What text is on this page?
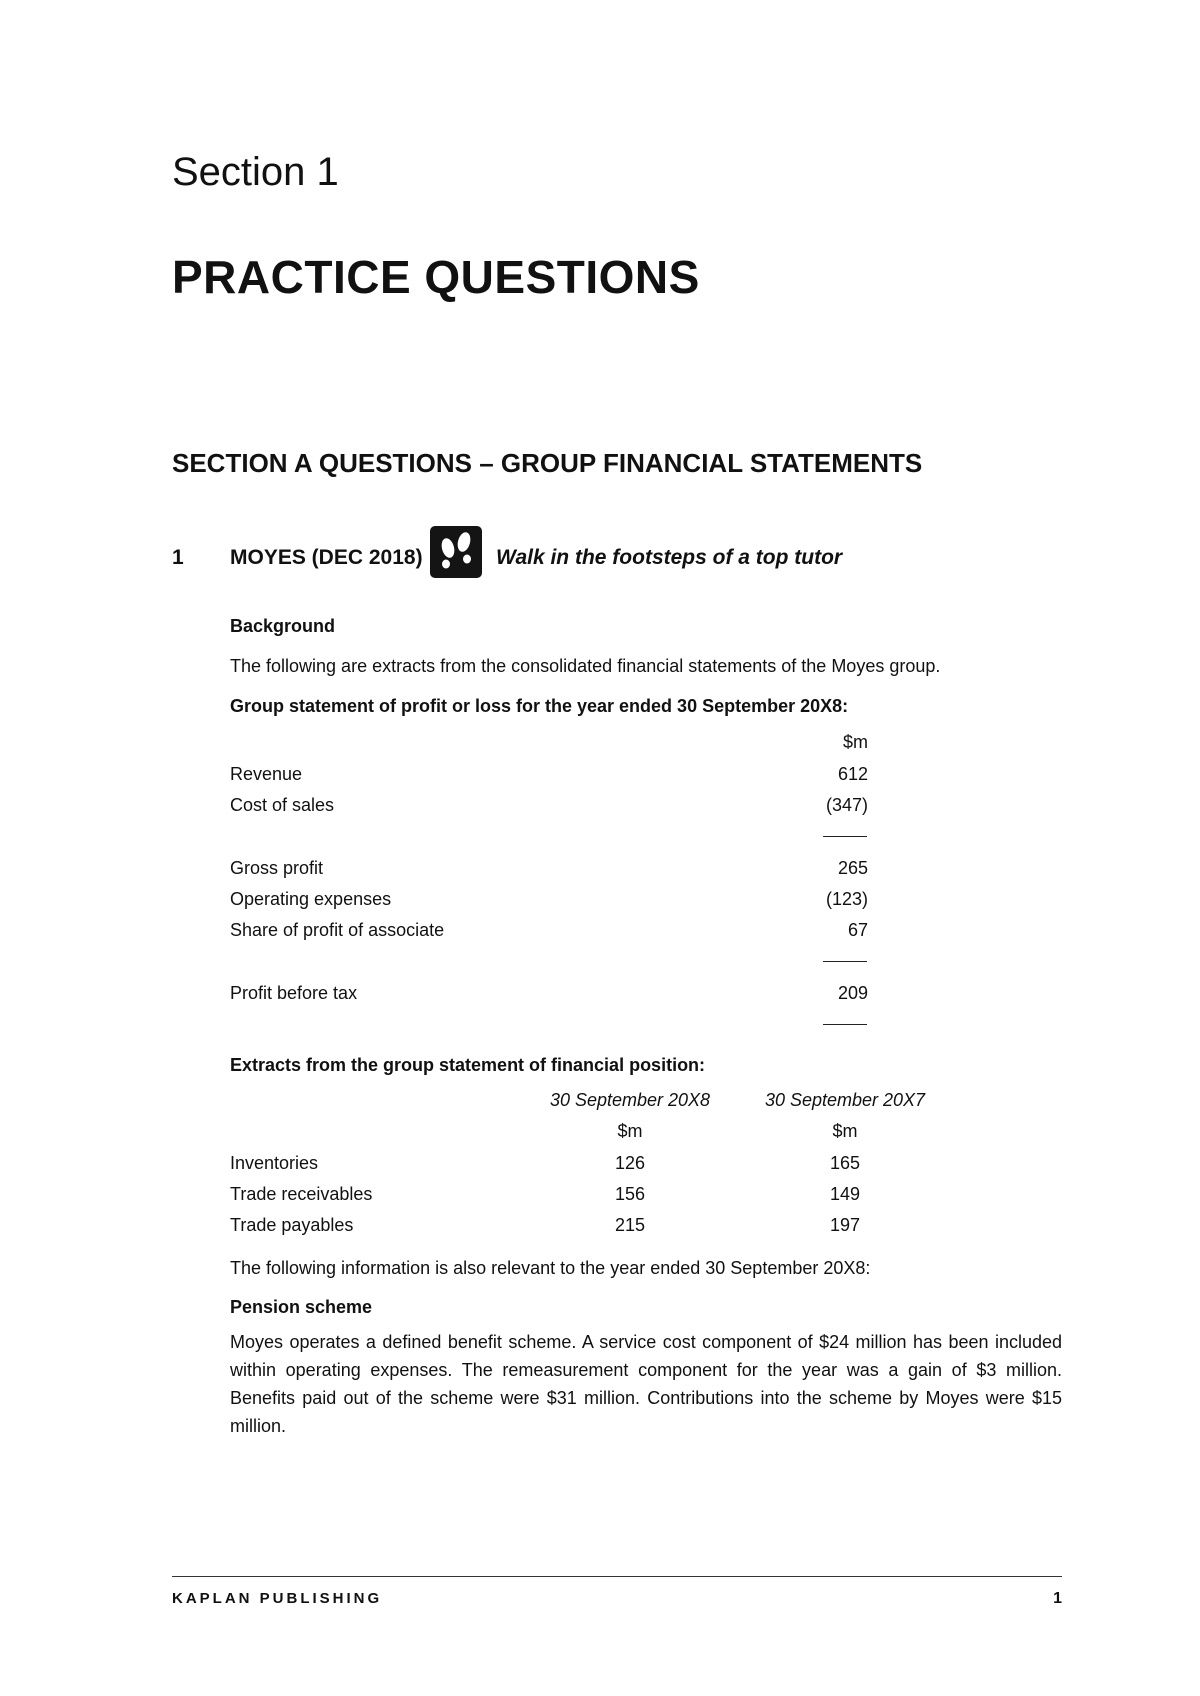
Section 1
PRACTICE QUESTIONS
SECTION A QUESTIONS – GROUP FINANCIAL STATEMENTS
1 MOYES (DEC 2018)	Walk in the footsteps of a top tutor
Background
The following are extracts from the consolidated financial statements of the Moyes group.
Group statement of profit or loss for the year ended 30 September 20X8:
$m
Revenue	612
Cost of sales	(347)
Gross profit	265
Operating expenses	(123)
Share of profit of associate	67
Profit before tax	209
Extracts from the group statement of financial position:
30 September 20X8	30 September 20X7
$m	$m
Inventories	126	165
Trade receivables	156	149
Trade payables	215	197
The following information is also relevant to the year ended 30 September 20X8:
Pension scheme
Moyes operates a defined benefit scheme. A service cost component of $24 million has been included within operating expenses. The remeasurement component for the year was a gain of $3 million. Benefits paid out of the scheme were $31 million. Contributions into the scheme by Moyes were $15 million.
KAPLAN PUBLISHING	1
